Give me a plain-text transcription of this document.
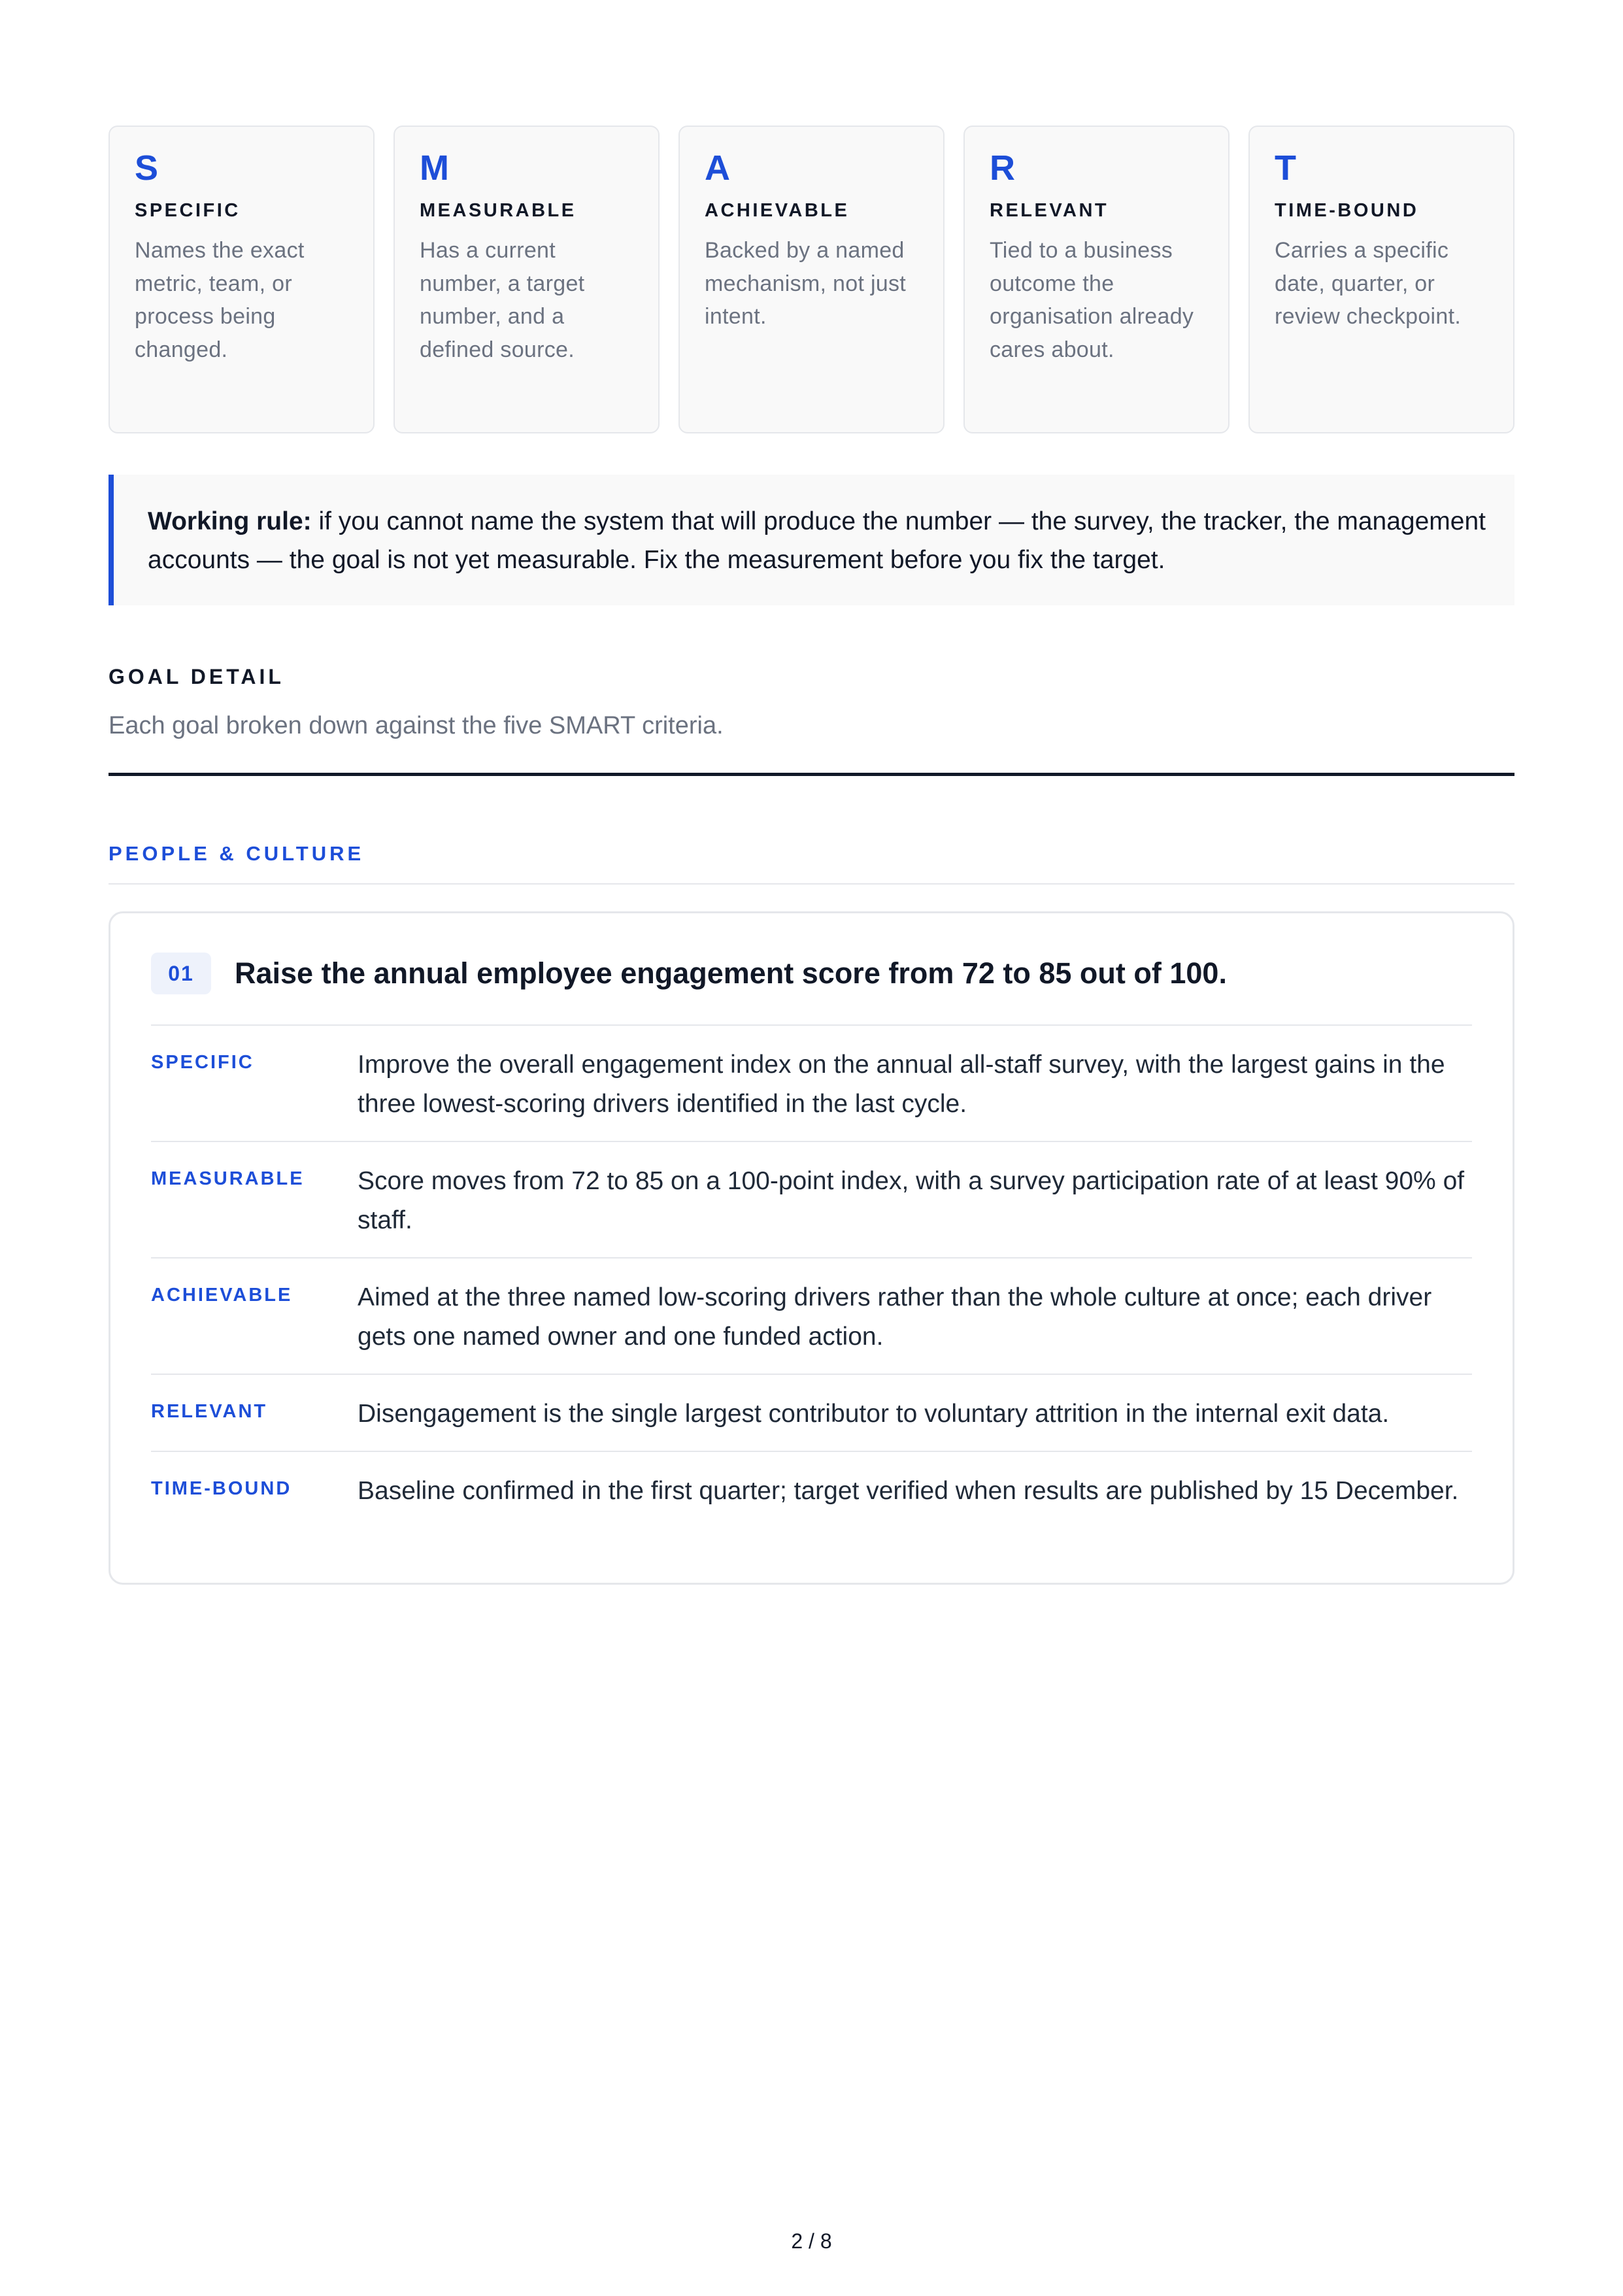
S
SPECIFIC
Names the exact metric, team, or process being changed.
M
MEASURABLE
Has a current number, a target number, and a defined source.
A
ACHIEVABLE
Backed by a named mechanism, not just intent.
R
RELEVANT
Tied to a business outcome the organisation already cares about.
T
TIME-BOUND
Carries a specific date, quarter, or review checkpoint.
Working rule: if you cannot name the system that will produce the number — the survey, the tracker, the management accounts — the goal is not yet measurable. Fix the measurement before you fix the target.
GOAL DETAIL
Each goal broken down against the five SMART criteria.
PEOPLE & CULTURE
01	Raise the annual employee engagement score from 72 to 85 out of 100.
SPECIFIC	Improve the overall engagement index on the annual all-staff survey, with the largest gains in the three lowest-scoring drivers identified in the last cycle.
MEASURABLE	Score moves from 72 to 85 on a 100-point index, with a survey participation rate of at least 90% of staff.
ACHIEVABLE	Aimed at the three named low-scoring drivers rather than the whole culture at once; each driver gets one named owner and one funded action.
RELEVANT	Disengagement is the single largest contributor to voluntary attrition in the internal exit data.
TIME-BOUND	Baseline confirmed in the first quarter; target verified when results are published by 15 December.
2 / 8
